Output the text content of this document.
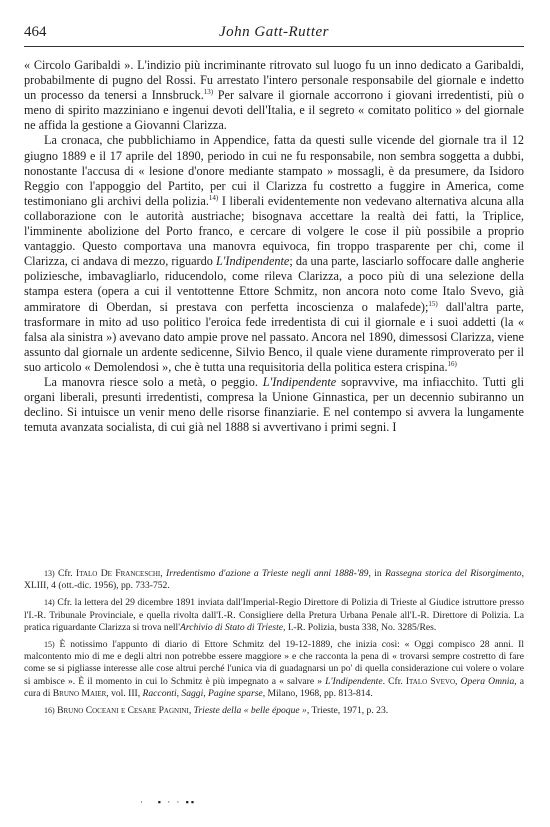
464	John Gatt-Rutter

« Circolo Garibaldi ». L'indizio più incriminante ritrovato sul luogo fu un inno dedicato a Garibaldi, probabilmente di pugno del Rossi. Fu arrestato l'intero personale responsabile del giornale e indetto un processo da tenersi a Innsbruck.$^{13)}$ Per salvare il giornale accorrono i giovani irredentisti, più o meno di spirito mazziniano e ingenui devoti dell'Italia, e il segreto « comitato politico » del giornale ne affida la gestione a Giovanni Clarizza.

La cronaca, che pubblichiamo in Appendice, fatta da questi sulle vicende del giornale tra il 12 giugno 1889 e il 17 aprile del 1890, periodo in cui ne fu responsabile, non sembra soggetta a dubbi, nonostante l'accusa di « lesione d'onore mediante stampato » mossagli, è da presumere, da Isidoro Reggio con l'appoggio del Partito, per cui il Clarizza fu costretto a fuggire in America, come testimoniano gli archivi della polizia.$^{14)}$ I liberali evidentemente non vedevano alternativa alcuna alla collaborazione con le autorità austriache; bisognava accettare la realtà dei fatti, la Triplice, l'imminente abolizione del Porto franco, e cercare di volgere le cose il più possibile a proprio vantaggio. Questo comportava una manovra equivoca, fin troppo trasparente per chi, come il Clarizza, ci andava di mezzo, riguardo L'Indipendente; da una parte, lasciarlo soffocare dalle angherie poliziesche, imbavagliarlo, riducendolo, come rileva Clarizza, a poco più di una selezione della stampa estera (opera a cui il ventottenne Ettore Schmitz, non ancora noto come Italo Svevo, già ammiratore di Oberdan, si prestava con perfetta incoscienza o malafede);$^{15)}$ dall'altra parte, trasformare in mito ad uso politico l'eroica fede irredentista di cui il giornale e i suoi addetti (la « falsa ala sinistra ») avevano dato ampie prove nel passato. Ancora nel 1890, dimessosi Clarizza, viene assunto dal giornale un ardente sedicenne, Silvio Benco, il quale viene duramente rimproverato per il suo articolo « Demolendosi », che è tutta una requisitoria della politica estera crispina.$^{16)}$

La manovra riesce solo a metà, o peggio. L'Indipendente sopravvive, ma infiacchito. Tutti gli organi liberali, presunti irredentisti, compresa la Unione Ginnastica, per un decennio subiranno un declino. Si intuisce un venir meno delle risorse finanziarie. E nel contempo si avvera la lungamente temuta avanzata socialista, di cui già nel 1888 si avvertivano i primi segni. I

13) Cfr. Italo De Franceschi, Irredentismo d'azione a Trieste negli anni 1888-'89, in Rassegna storica del Risorgimento, XLIII, 4 (ott.-dic. 1956), pp. 733-752.

14) Cfr. la lettera del 29 dicembre 1891 inviata dall'Imperial-Regio Direttore di Polizia di Trieste al Giudice istruttore presso l'I.-R. Tribunale Provinciale, e quella rivolta dall'I.-R. Consigliere della Pretura Urbana Penale all'I.-R. Direttore di Polizia. La pratica riguardante Clarizza si trova nell'Archivio di Stato di Trieste, I.-R. Polizia, busta 338, No. 3285/Res.

15) È notissimo l'appunto di diario di Ettore Schmitz del 19-12-1889, che inizia così: « Oggi compisco 28 anni. Il malcontento mio di me e degli altri non potrebbe essere maggiore » e che racconta la pena di « trovarsi sempre costretto di fare come se si pigliasse interesse alle cose altrui perché l'unica via di guadagnarsi un po' di quella considerazione cui volere o volare si ambisce ». È il momento in cui lo Schmitz è più impegnato a « salvare » L'Indipendente. Cfr. Italo Svevo, Opera Omnia, a cura di Bruno Maier, vol. III, Racconti, Saggi, Pagine sparse, Milano, 1968, pp. 813-814.

16) Bruno Coceani e Cesare Pagnini, Trieste della « belle époque », Trieste, 1971, p. 23.

·   ▪ · · ▪▪
